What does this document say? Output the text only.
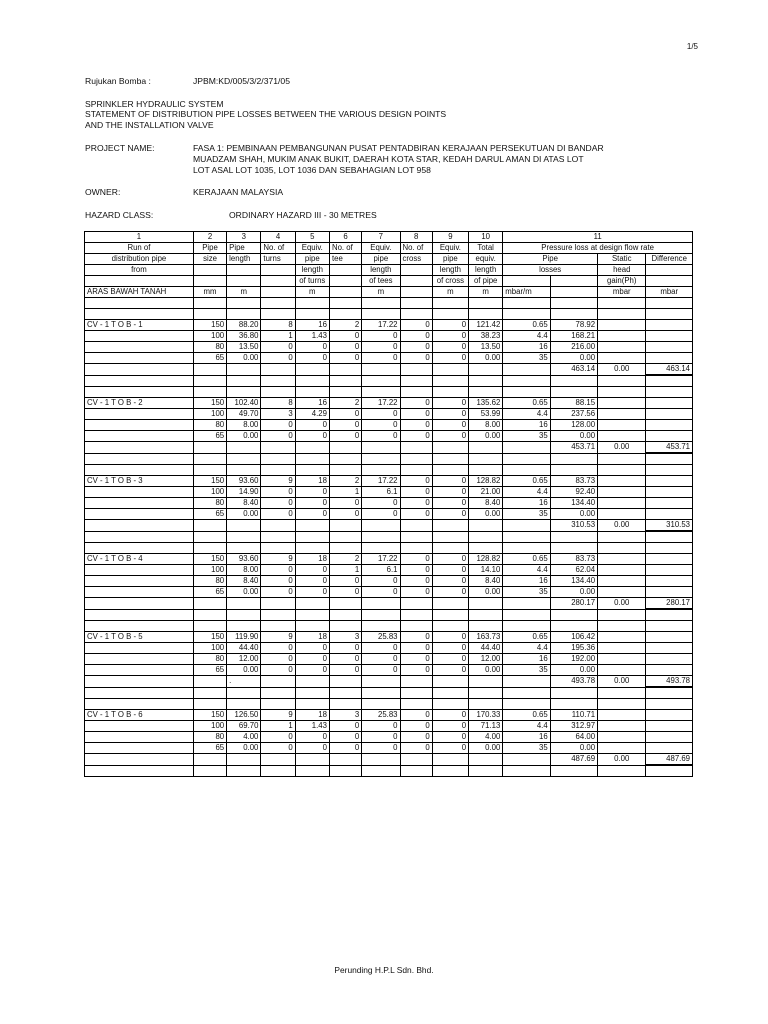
1/5
Rujukan Bomba :	JPBM:KD/005/3/2/371/05
SPRINKLER HYDRAULIC SYSTEM
STATEMENT OF DISTRIBUTION PIPE LOSSES BETWEEN THE VARIOUS DESIGN POINTS
AND THE INSTALLATION VALVE
PROJECT NAME:	FASA 1: PEMBINAAN PEMBANGUNAN PUSAT PENTADBIRAN KERAJAAN PERSEKUTUAN DI BANDAR
MUADZAM SHAH, MUKIM ANAK BUKIT, DAERAH KOTA STAR, KEDAH DARUL AMAN DI ATAS LOT
LOT ASAL LOT 1035, LOT 1036 DAN SEBAHAGIAN LOT 958
OWNER:	KERAJAAN MALAYSIA
HAZARD CLASS:	ORDINARY HAZARD III - 30 METRES
1	2	3	4	5	6	7	8	9	10	11			
Run of	Pipe	Pipe	No. of	Equiv.	No. of	Equiv.	No. of	Equiv.	Total	Pressure loss at design flow rate			
distribution pipe	size	length	turns	pipe	tee	pipe	cross	pipe	equiv.	Pipe		Static	Difference
from				length		length		length	length	losses		head	
				of turns		of tees		of cross	of pipe			gain(Ph)	
ARAS BAWAH TANAH	mm	m		m		m		m	m	mbar/m		mbar	mbar

CV - 1 T O B - 1	150	88.20	8	16	2	17.22	0	0	121.42	0.65	78.92		
	100	36.80	1	1.43	0	0	0	0	38.23	4.4	168.21		
	80	13.50	0	0	0	0	0	0	13.50	16	216.00		
	65	0.00	0	0	0	0	0	0	0.00	35	0.00		
											463.14	0.00	463.14

CV - 1 T O B - 2	150	102.40	8	16	2	17.22	0	0	135.62	0.65	88.15		
	100	49.70	3	4.29	0	0	0	0	53.99	4.4	237.56		
	80	8.00	0	0	0	0	0	0	8.00	16	128.00		
	65	0.00	0	0	0	0	0	0	0.00	35	0.00		
											453.71	0.00	453.71

CV - 1 T O B - 3	150	93.60	9	18	2	17.22	0	0	128.82	0.65	83.73		
	100	14.90	0	0	1	6.1	0	0	21.00	4.4	92.40		
	80	8.40	0	0	0	0	0	0	8.40	16	134.40		
	65	0.00	0	0	0	0	0	0	0.00	35	0.00		
											310.53	0.00	310.53

CV - 1 T O B - 4	150	93.60	9	18	2	17.22	0	0	128.82	0.65	83.73		
	100	8.00	0	0	1	6.1	0	0	14.10	4.4	62.04		
	80	8.40	0	0	0	0	0	0	8.40	16	134.40		
	65	0.00	0	0	0	0	0	0	0.00	35	0.00		
											280.17	0.00	280.17

CV - 1 T O B - 5	150	119.90	9	18	3	25.83	0	0	163.73	0.65	106.42		
	100	44.40	0	0	0	0	0	0	44.40	4.4	195.36		
	80	12.00	0	0	0	0	0	0	12.00	16	192.00		
	65	0.00	0	0	0	0	0	0	0.00	35	0.00		
		.									493.78	0.00	493.78

CV - 1 T O B - 6	150	126.50	9	18	3	25.83	0	0	170.33	0.65	110.71		
	100	69.70	1	1.43	0	0	0	0	71.13	4.4	312.97		
	80	4.00	0	0	0	0	0	0	4.00	16	64.00		
	65	0.00	0	0	0	0	0	0	0.00	35	0.00		
											487.69	0.00	487.69

Perunding H.P.L Sdn. Bhd.
